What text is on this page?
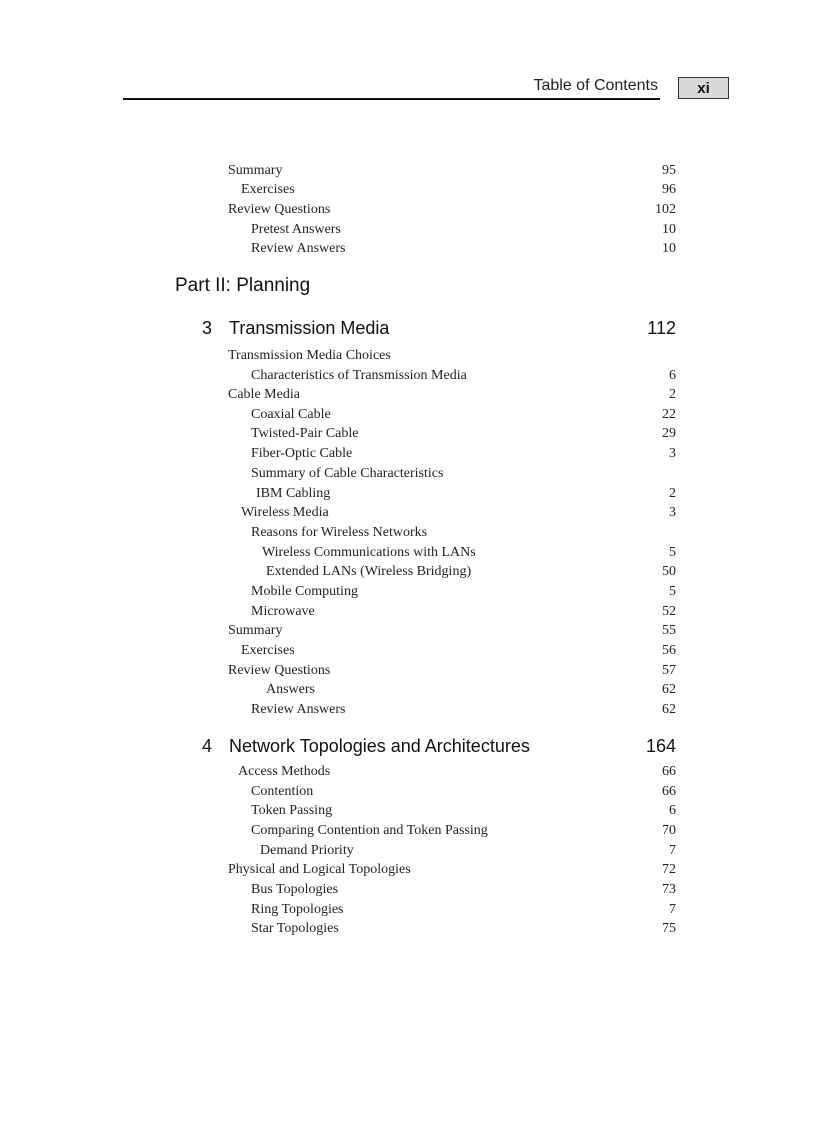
Table of Contents	xi
Summary	95
Exercises	96
Review Questions	102
Pretest Answers	10
Review Answers	10
Part II: Planning
3 Transmission Media	112
Transmission Media Choices
Characteristics of Transmission Media	6
Cable Media	2
Coaxial Cable	22
Twisted-Pair Cable	29
Fiber-Optic Cable	3
Summary of Cable Characteristics
IBM Cabling	2
Wireless Media	3
Reasons for Wireless Networks
Wireless Communications with LANs	5
Extended LANs (Wireless Bridging)	50
Mobile Computing	5
Microwave	52
Summary	55
Exercises	56
Review Questions	57
Answers	62
Review Answers	62
4 Network Topologies and Architectures	164
Access Methods	66
Contention	66
Token Passing	6
Comparing Contention and Token Passing	70
Demand Priority	7
Physical and Logical Topologies	72
Bus Topologies	73
Ring Topologies	7
Star Topologies	75
